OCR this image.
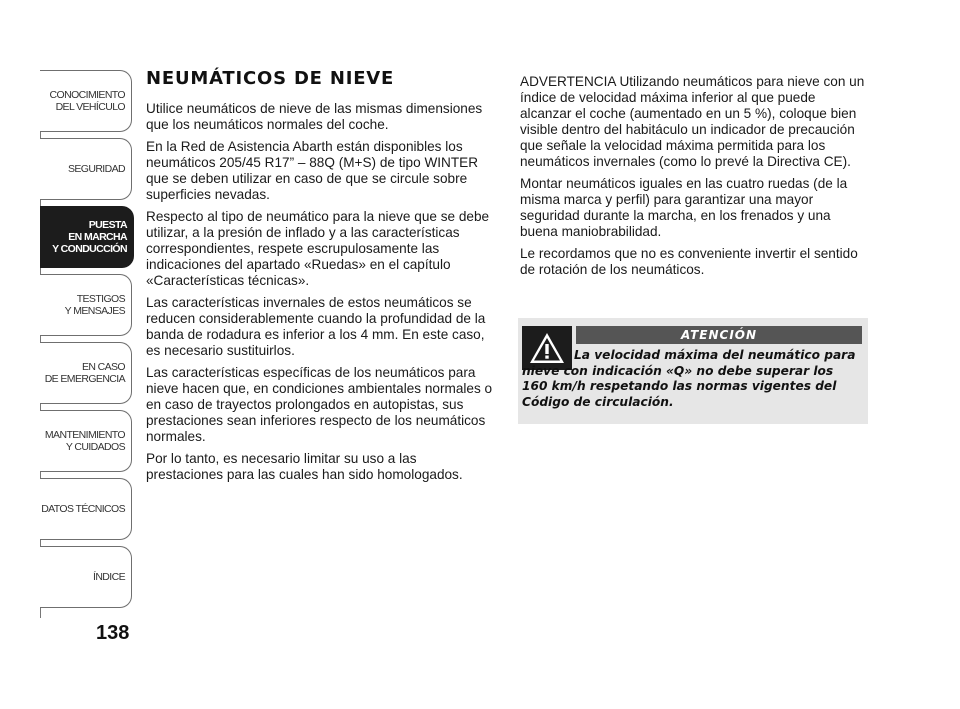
CONOCIMIENTO
DEL VEHÍCULO
SEGURIDAD
PUESTA
EN MARCHA
Y CONDUCCIÓN
TESTIGOS
Y MENSAJES
EN CASO
DE EMERGENCIA
MANTENIMIENTO
Y CUIDADOS
DATOS TÉCNICOS
ÍNDICE
138
NEUMÁTICOS DE NIEVE

Utilice neumáticos de nieve de las mismas dimensiones que los neumáticos normales del coche.

En la Red de Asistencia Abarth están disponibles los neumáticos 205/45 R17” – 88Q (M+S) de tipo WINTER que se deben utilizar en caso de que se circule sobre superficies nevadas.

Respecto al tipo de neumático para la nieve que se debe utilizar, a la presión de inflado y a las características correspondientes, respete escrupulosamente las indicaciones del apartado «Ruedas» en el capítulo «Características técnicas».

Las características invernales de estos neumáticos se reducen considerablemente cuando la profundidad de la banda de rodadura es inferior a los 4 mm. En este caso, es necesario sustituirlos.

Las características específicas de los neumáticos para nieve hacen que, en condiciones ambientales normales o en caso de trayectos prolongados en autopistas, sus prestaciones sean inferiores respecto de los neumáticos normales.

Por lo tanto, es necesario limitar su uso a las prestaciones para las cuales han sido homologados.

ADVERTENCIA Utilizando neumáticos para nieve con un índice de velocidad máxima inferior al que puede alcanzar el coche (aumentado en un 5 %), coloque bien visible dentro del habitáculo un indicador de precaución que señale la velocidad máxima permitida para los neumáticos invernales (como lo prevé la Directiva CE).

Montar neumáticos iguales en las cuatro ruedas (de la misma marca y perfil) para garantizar una mayor seguridad durante la marcha, en los frenados y una buena maniobrabilidad.

Le recordamos que no es conveniente invertir el sentido de rotación de los neumáticos.

ATENCIÓN
La velocidad máxima del neumático para nieve con indicación «Q» no debe superar los 160 km/h respetando las normas vigentes del Código de circulación.
